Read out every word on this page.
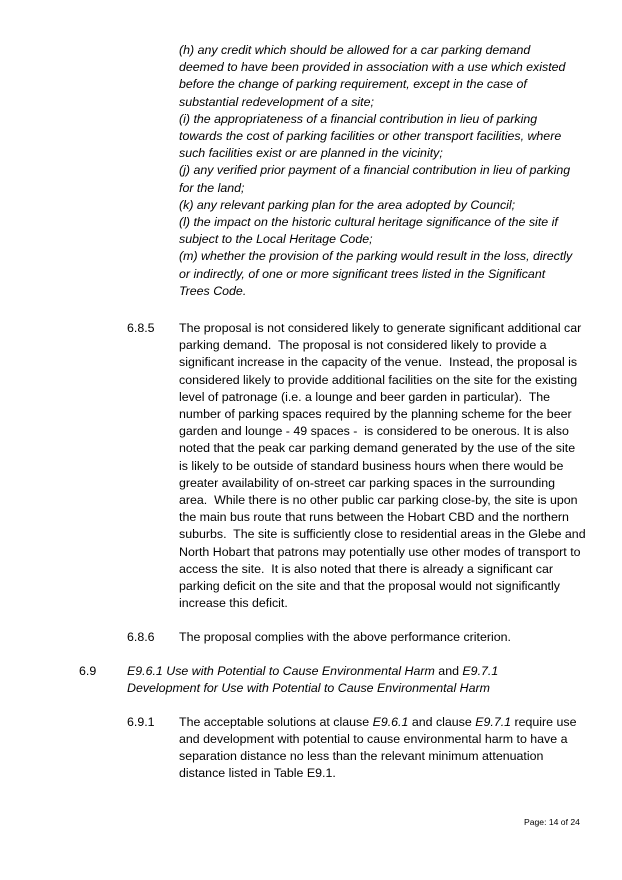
(h) any credit which should be allowed for a car parking demand
deemed to have been provided in association with a use which existed
before the change of parking requirement, except in the case of
substantial redevelopment of a site;
(i) the appropriateness of a financial contribution in lieu of parking
towards the cost of parking facilities or other transport facilities, where
such facilities exist or are planned in the vicinity;
(j) any verified prior payment of a financial contribution in lieu of parking
for the land;
(k) any relevant parking plan for the area adopted by Council;
(l) the impact on the historic cultural heritage significance of the site if
subject to the Local Heritage Code;
(m) whether the provision of the parking would result in the loss, directly
or indirectly, of one or more significant trees listed in the Significant
Trees Code.
6.8.5 The proposal is not considered likely to generate significant additional car
parking demand.  The proposal is not considered likely to provide a
significant increase in the capacity of the venue.  Instead, the proposal is
considered likely to provide additional facilities on the site for the existing
level of patronage (i.e. a lounge and beer garden in particular).  The
number of parking spaces required by the planning scheme for the beer
garden and lounge - 49 spaces -  is considered to be onerous. It is also
noted that the peak car parking demand generated by the use of the site
is likely to be outside of standard business hours when there would be
greater availability of on-street car parking spaces in the surrounding
area.  While there is no other public car parking close-by, the site is upon
the main bus route that runs between the Hobart CBD and the northern
suburbs.  The site is sufficiently close to residential areas in the Glebe and
North Hobart that patrons may potentially use other modes of transport to
access the site.  It is also noted that there is already a significant car
parking deficit on the site and that the proposal would not significantly
increase this deficit.
6.8.6 The proposal complies with the above performance criterion.
6.9 E9.6.1 Use with Potential to Cause Environmental Harm and E9.7.1
Development for Use with Potential to Cause Environmental Harm
6.9.1 The acceptable solutions at clause E9.6.1 and clause E9.7.1 require use
and development with potential to cause environmental harm to have a
separation distance no less than the relevant minimum attenuation
distance listed in Table E9.1.
Page: 14 of 24
